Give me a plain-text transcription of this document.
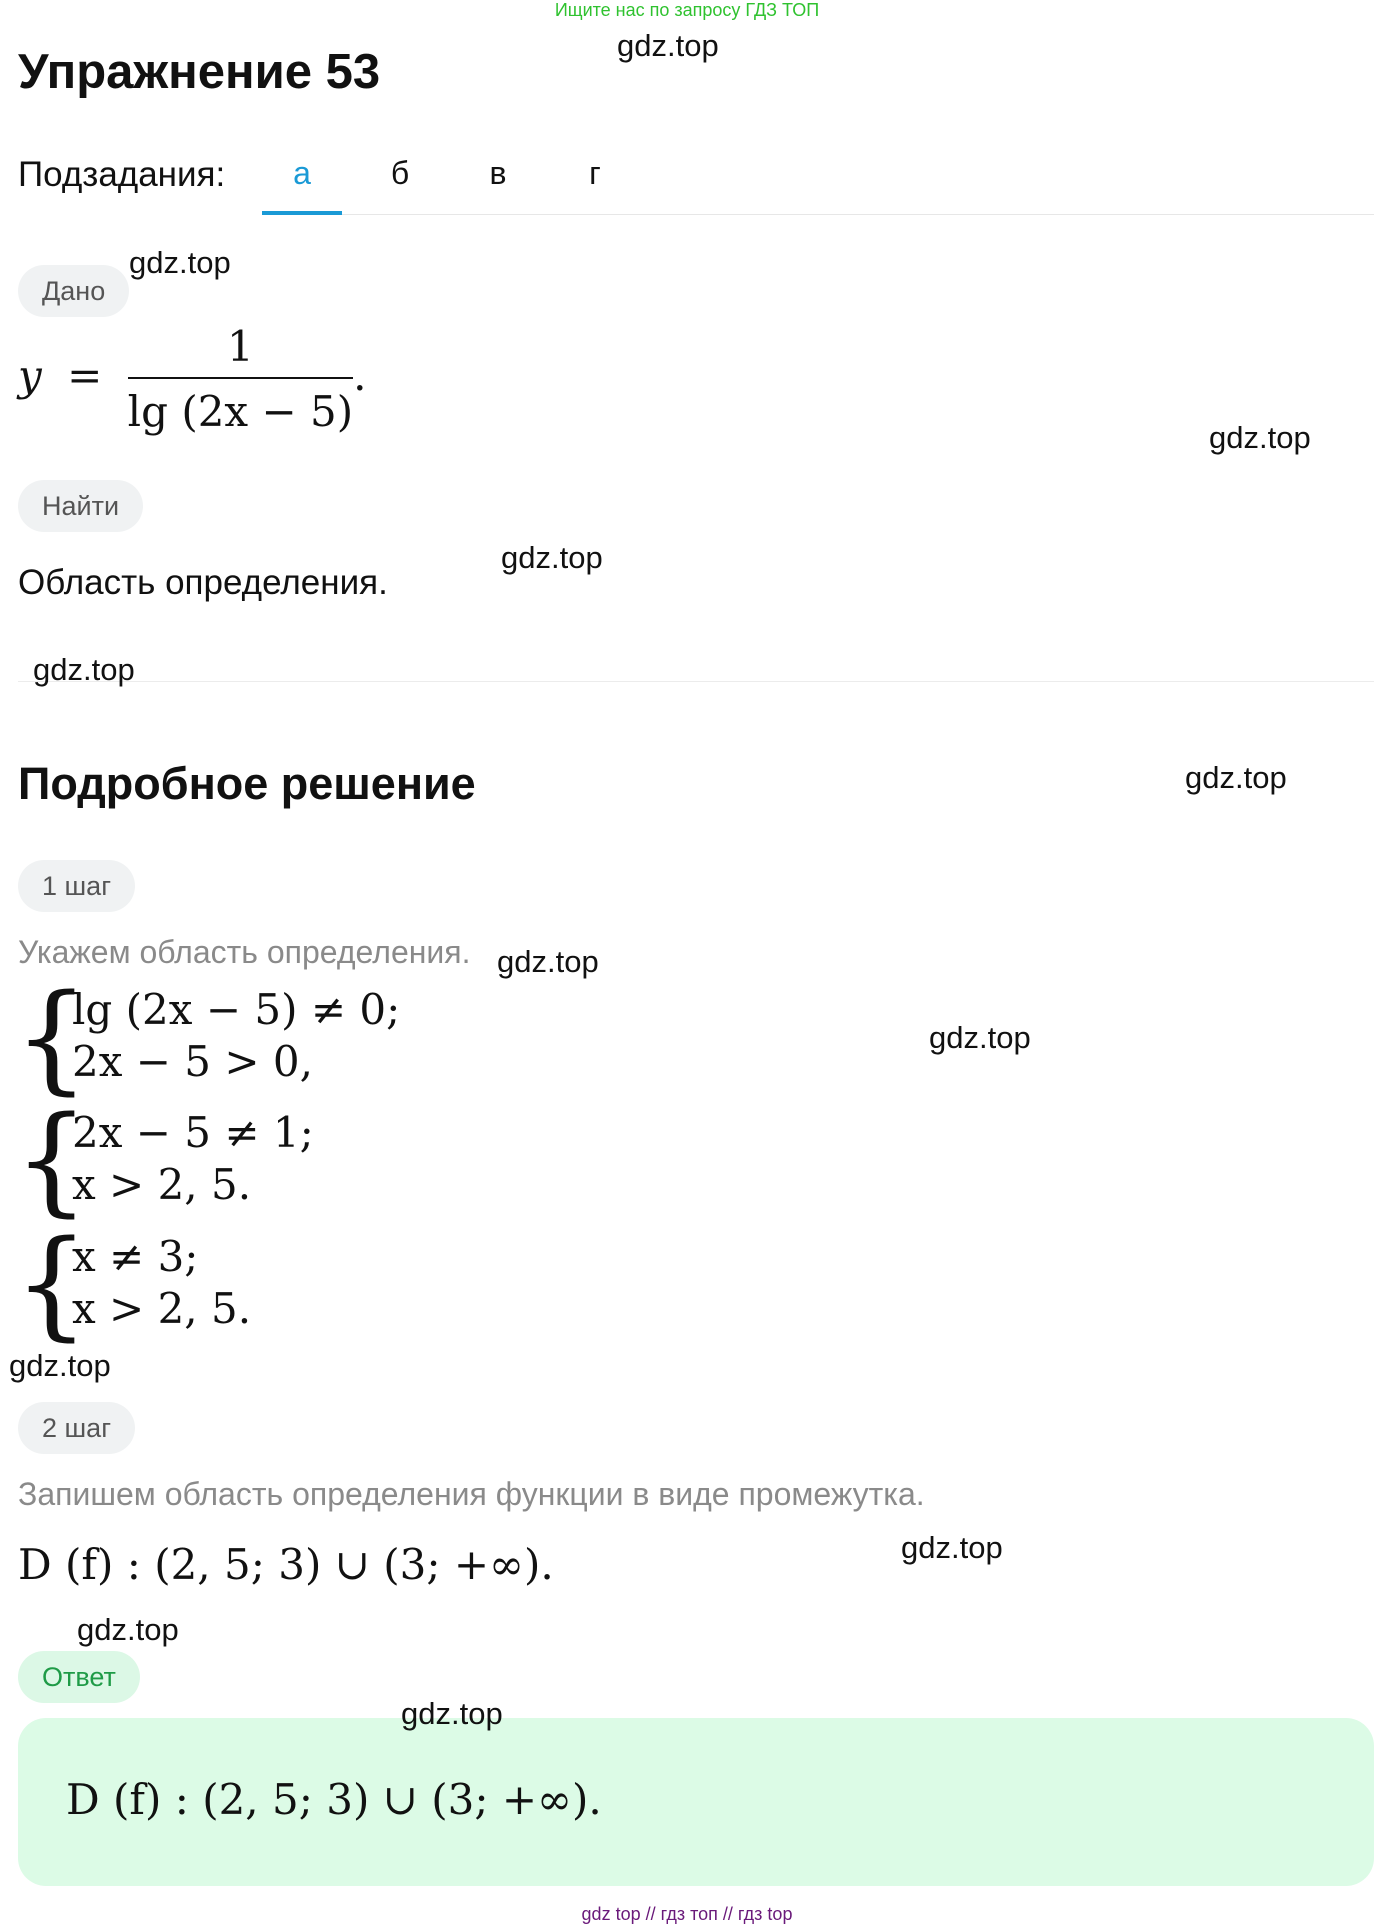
Ищите нас по запросу ГДЗ ТОП
Упражнение 53
Подзадания:	а	б	в	г
Дано
$y = \frac{1}{\lg (2x - 5)}$ .
Найти
Область определения.
Подробное решение
1 шаг
Укажем область определения.
{
lg (2x − 5) ≠ 0;
2x − 5 > 0,
{
2x − 5 ≠ 1;
x > 2, 5.
{
x ≠ 3;
x > 2, 5.
2 шаг
Запишем область определения функции в виде промежутка.
D (f) : (2, 5; 3) ∪ (3; +∞).
Ответ
D (f) : (2, 5; 3) ∪ (3; +∞).
gdz.top
gdz.top
gdz.top
gdz.top
gdz.top
gdz.top
gdz.top
gdz.top
gdz.top
gdz.top
gdz.top
gdz.top
gdz top // гдз топ // гдз top
